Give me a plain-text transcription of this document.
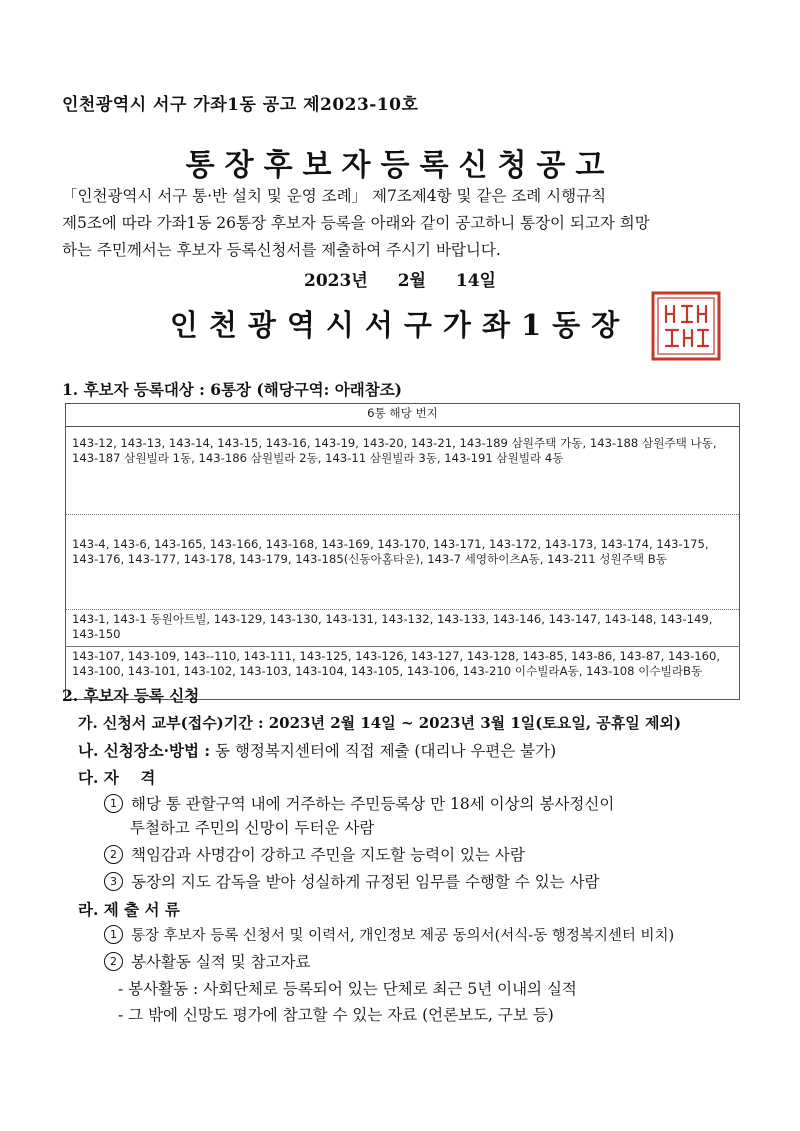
인천광역시 서구 가좌1동 공고 제2023-10호
통장후보자등록신청공고

「인천광역시 서구 통·반 설치 및 운영 조례」 제7조제4항 및 같은 조례 시행규칙

제5조에 따라 가좌1동 26통장 후보자 등록을 아래와 같이 공고하니 통장이 되고자 희망

하는 주민께서는 후보자 등록신청서를 제출하여 주시기 바랍니다.

2023년 2월 14일
인천광역시서구가좌1동장
1. 후보자 등록대상 : 6통장 (해당구역: 아래참조)
6통 해당 번지
143-12, 143-13, 143-14, 143-15, 143-16, 143-19, 143-20, 143-21, 143-189 삼원주택 가동, 143-188 삼원주택 나동, 143-187 삼원빌라 1동, 143-186 삼원빌라 2동, 143-11 삼원빌라 3동, 143-191 삼원빌라 4동
143-4, 143-6, 143-165, 143-166, 143-168, 143-169, 143-170, 143-171, 143-172, 143-173, 143-174, 143-175, 143-176, 143-177, 143-178, 143-179, 143-185(신동아홈타운), 143-7 세영하이츠A동, 143-211 성원주택 B동
143-1, 143-1 동원아트빌, 143-129, 143-130, 143-131, 143-132, 143-133, 143-146, 143-147, 143-148, 143-149, 143-150
143-107, 143-109, 143--110, 143-111, 143-125, 143-126, 143-127, 143-128, 143-85, 143-86, 143-87, 143-160, 143-100, 143-101, 143-102, 143-103, 143-104, 143-105, 143-106, 143-210 이수빌라A동, 143-108 이수빌라B동
2. 후보자 등록 신청
가. 신청서 교부(접수)기간 : 2023년 2월 14일 ~ 2023년 3월 1일(토요일, 공휴일 제외)
나. 신청장소·방법 : 동 행정복지센터에 직접 제출 (대리나 우편은 불가)
다. 자    격
1 해당 통 관할구역 내에 거주하는 주민등록상 만 18세 이상의 봉사정신이
투철하고 주민의 신망이 두터운 사람
2 책임감과 사명감이 강하고 주민을 지도할 능력이 있는 사람
3 동장의 지도 감독을 받아 성실하게 규정된 임무를 수행할 수 있는 사람
라. 제 출 서 류
1 통장 후보자 등록 신청서 및 이력서, 개인정보 제공 동의서(서식-동 행정복지센터 비치)
2 봉사활동 실적 및 참고자료
- 봉사활동 : 사회단체로 등록되어 있는 단체로 최근 5년 이내의 실적
- 그 밖에 신망도 평가에 참고할 수 있는 자료 (언론보도, 구보 등)
